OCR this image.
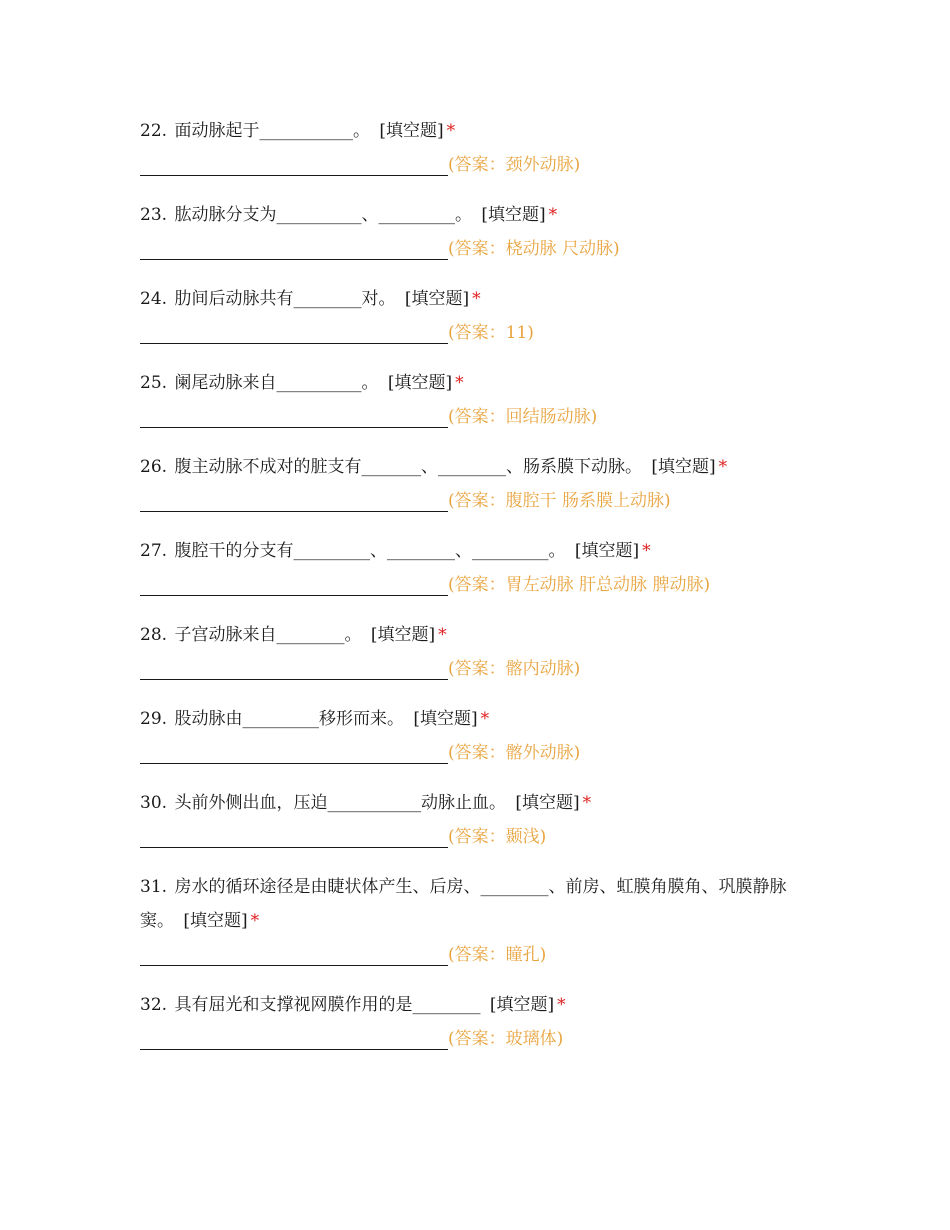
22. 面动脉起于___________。 [填空题] *

(答案：颈外动脉)

23. 肱动脉分支为__________、_________。 [填空题] *

(答案：桡动脉 尺动脉)

24. 肋间后动脉共有________对。 [填空题] *

(答案：11)

25. 阑尾动脉来自__________。 [填空题] *

(答案：回结肠动脉)

26. 腹主动脉不成对的脏支有_______、________、肠系膜下动脉。 [填空题] *

(答案：腹腔干 肠系膜上动脉)

27. 腹腔干的分支有_________、________、_________。 [填空题] *

(答案：胃左动脉 肝总动脉 脾动脉)

28. 子宫动脉来自________。 [填空题] *

(答案：髂内动脉)

29. 股动脉由_________移形而来。 [填空题] *

(答案：髂外动脉)

30. 头前外侧出血，压迫___________动脉止血。 [填空题] *

(答案：颞浅)

31. 房水的循环途径是由睫状体产生、后房、________、前房、虹膜角膜角、巩膜静脉窦。 [填空题] *

(答案：瞳孔)

32. 具有屈光和支撑视网膜作用的是________ [填空题] *

(答案：玻璃体)
